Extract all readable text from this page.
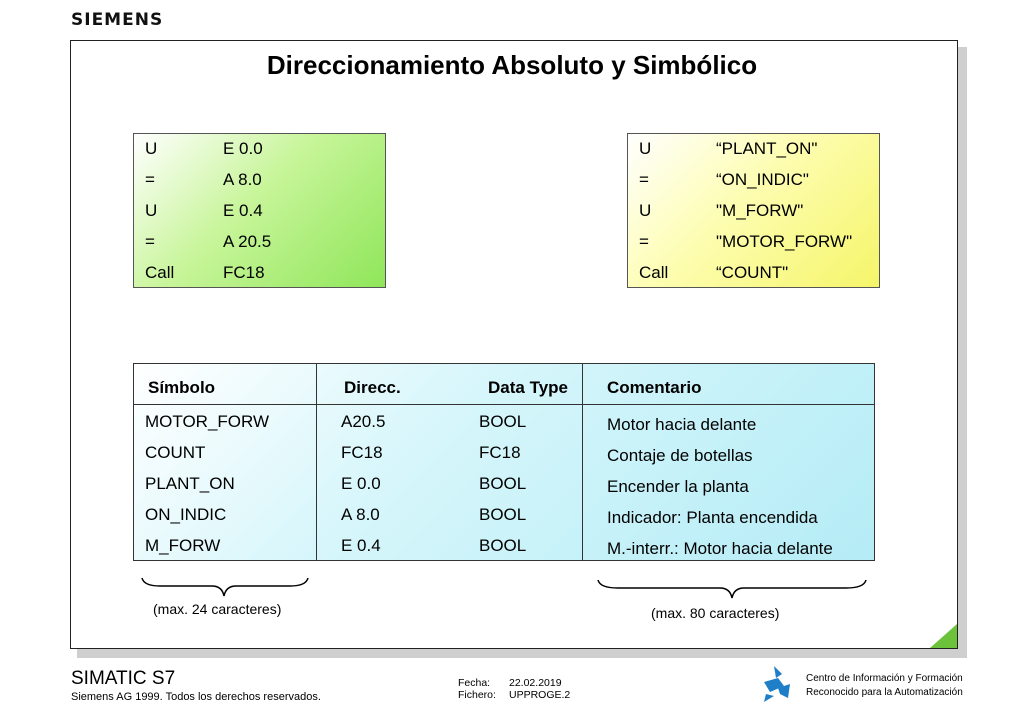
SIEMENS
Direccionamiento Absoluto y Simbólico
U	E 0.0
=	A 8.0
U	E 0.4
=	A 20.5
Call	FC18
U	“PLANT_ON"
=	“ON_INDIC"
U	"M_FORW"
=	"MOTOR_FORW"
Call	“COUNT"
Símbolo	Direcc.	Data Type Comentario
MOTOR_FORW	A20.5	BOOL	Motor hacia delante
COUNT	FC18	FC18	Contaje de botellas
PLANT_ON	E 0.0	BOOL	Encender la planta
ON_INDIC	A 8.0	BOOL	Indicador: Planta encendida
M_FORW	E 0.4	BOOL	M.-interr.: Motor hacia delante
(max. 24 caracteres)	(max. 80 caracteres)
SIMATIC S7
Siemens AG 1999. Todos los derechos reservados.
Fecha: 22.02.2019
Fichero: UPPROGE.2
Centro de Información y Formación
Reconocido para la Automatización
